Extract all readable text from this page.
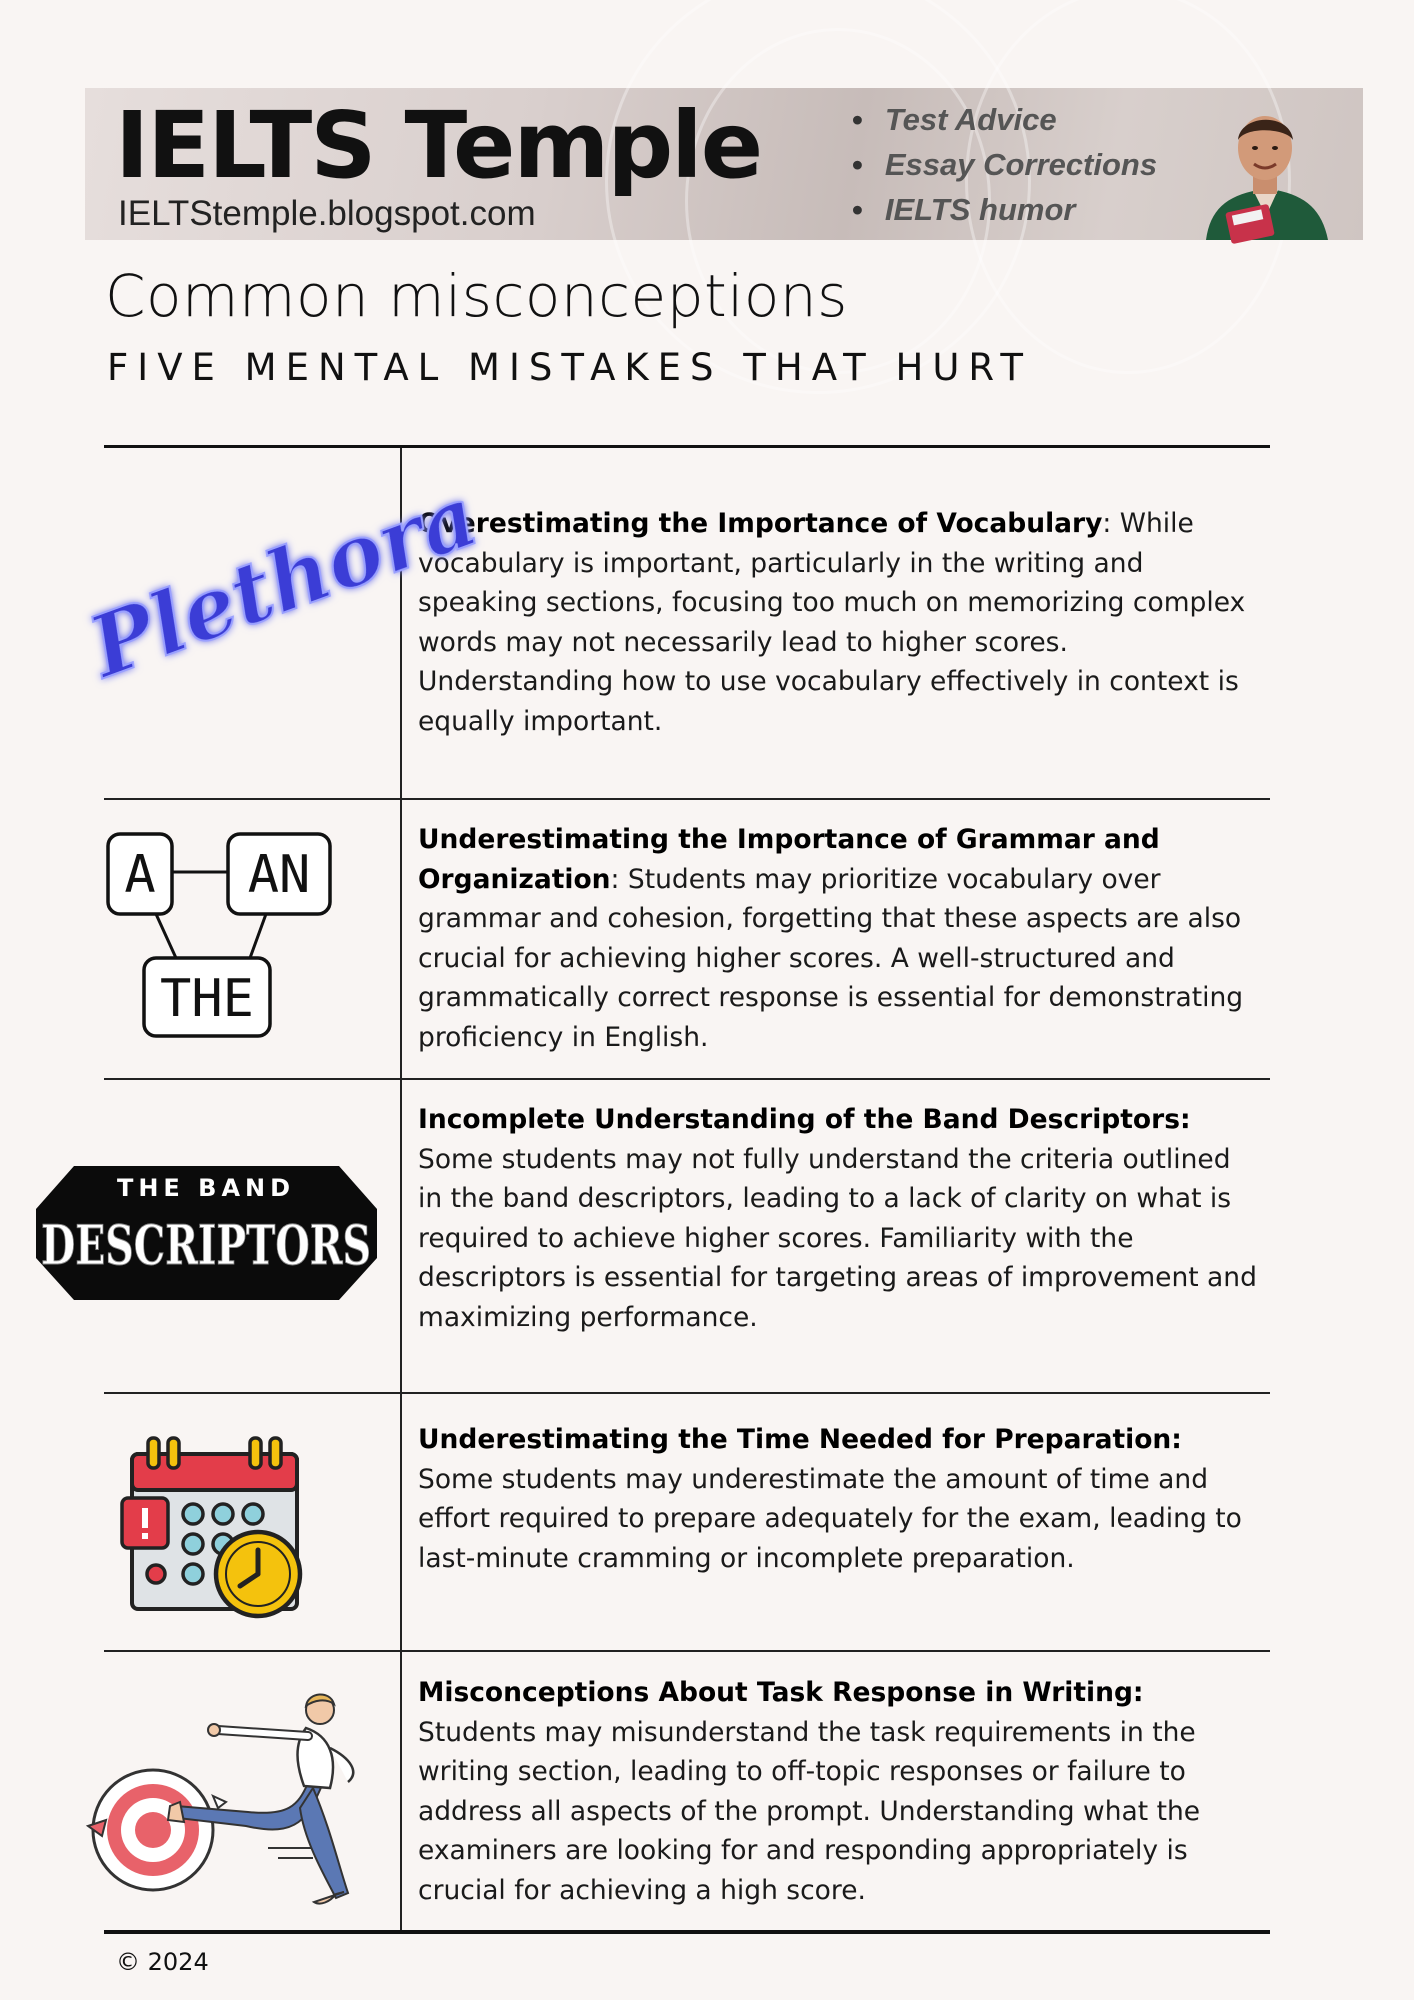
IELTS Temple
IELTStemple.blogspot.com
• Test Advice
• Essay Corrections
• IELTS humor
Common misconceptions
FIVE MENTAL MISTAKES THAT HURT
Plethora
Overestimating the Importance of Vocabulary: While vocabulary is important, particularly in the writing and speaking sections, focusing too much on memorizing complex words may not necessarily lead to higher scores. Understanding how to use vocabulary effectively in context is equally important.
A AN
THE
Underestimating the Importance of Grammar and Organization: Students may prioritize vocabulary over grammar and cohesion, forgetting that these aspects are also crucial for achieving higher scores. A well-structured and grammatically correct response is essential for demonstrating proficiency in English.
THE BAND
DESCRIPTORS
Incomplete Understanding of the Band Descriptors: Some students may not fully understand the criteria outlined in the band descriptors, leading to a lack of clarity on what is required to achieve higher scores. Familiarity with the descriptors is essential for targeting areas of improvement and maximizing performance.
Underestimating the Time Needed for Preparation: Some students may underestimate the amount of time and effort required to prepare adequately for the exam, leading to last-minute cramming or incomplete preparation.
Misconceptions About Task Response in Writing: Students may misunderstand the task requirements in the writing section, leading to off-topic responses or failure to address all aspects of the prompt. Understanding what the examiners are looking for and responding appropriately is crucial for achieving a high score.
© 2024
